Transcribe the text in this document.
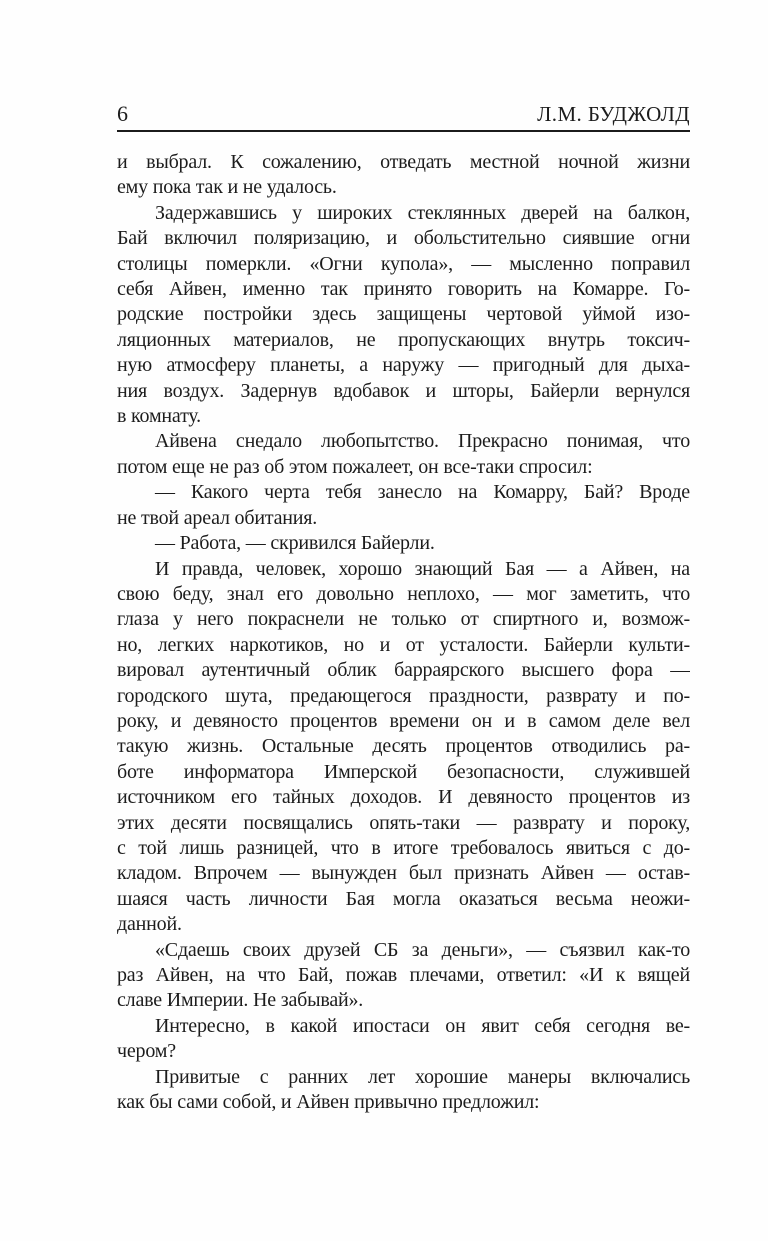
6	Л.М. БУДЖОЛД
и выбрал. К сожалению, отведать местной ночной жизни
ему пока так и не удалось.
Задержавшись у широких стеклянных дверей на балкон,
Бай включил поляризацию, и обольстительно сиявшие огни
столицы померкли. «Огни купола», — мысленно поправил
себя Айвен, именно так принято говорить на Комарре. Го-
родские постройки здесь защищены чертовой уймой изо-
ляционных материалов, не пропускающих внутрь токсич-
ную атмосферу планеты, а наружу — пригодный для дыха-
ния воздух. Задернув вдобавок и шторы, Байерли вернулся
в комнату.
Айвена снедало любопытство. Прекрасно понимая, что
потом еще не раз об этом пожалеет, он все-таки спросил:
— Какого черта тебя занесло на Комарру, Бай? Вроде
не твой ареал обитания.
— Работа, — скривился Байерли.
И правда, человек, хорошо знающий Бая — а Айвен, на
свою беду, знал его довольно неплохо, — мог заметить, что
глаза у него покраснели не только от спиртного и, возмож-
но, легких наркотиков, но и от усталости. Байерли культи-
вировал аутентичный облик барраярского высшего фора —
городского шута, предающегося праздности, разврату и по-
року, и девяносто процентов времени он и в самом деле вел
такую жизнь. Остальные десять процентов отводились ра-
боте информатора Имперской безопасности, служившей
источником его тайных доходов. И девяносто процентов из
этих десяти посвящались опять-таки — разврату и пороку,
с той лишь разницей, что в итоге требовалось явиться с до-
кладом. Впрочем — вынужден был признать Айвен — остав-
шаяся часть личности Бая могла оказаться весьма неожи-
данной.
«Сдаешь своих друзей СБ за деньги», — съязвил как-то
раз Айвен, на что Бай, пожав плечами, ответил: «И к вящей
славе Империи. Не забывай».
Интересно, в какой ипостаси он явит себя сегодня ве-
чером?
Привитые с ранних лет хорошие манеры включались
как бы сами собой, и Айвен привычно предложил:
